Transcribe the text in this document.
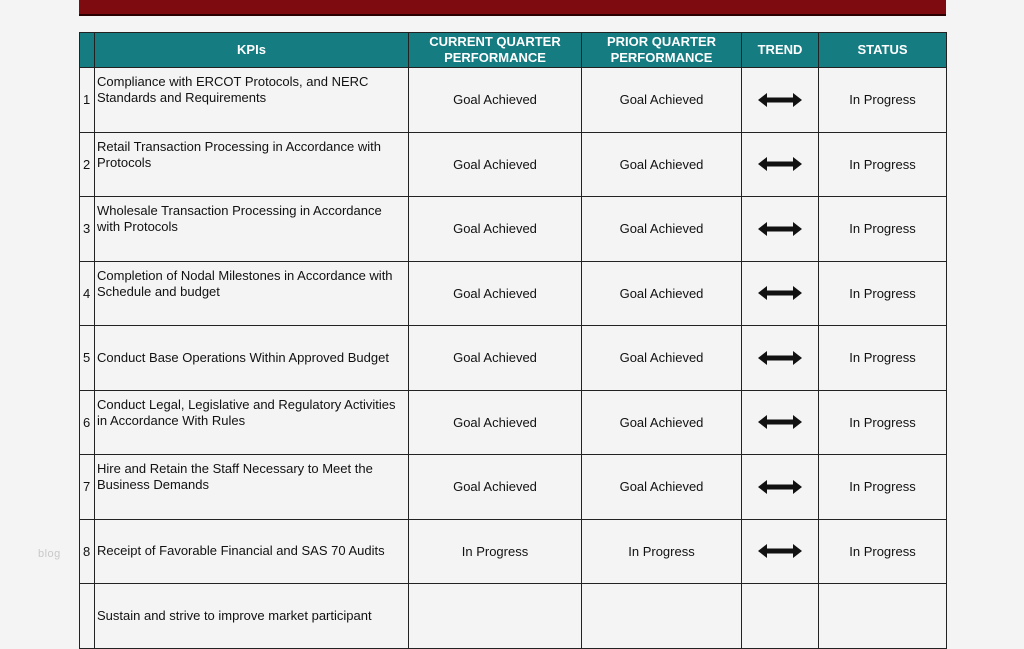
blog
	KPIs	CURRENT QUARTER PERFORMANCE	PRIOR QUARTER PERFORMANCE	TREND	STATUS
1	Compliance with ERCOT Protocols, and NERC Standards and Requirements	Goal Achieved	Goal Achieved		In Progress
2	Retail Transaction Processing in Accordance with Protocols	Goal Achieved	Goal Achieved		In Progress
3	Wholesale Transaction Processing in Accordance with Protocols	Goal Achieved	Goal Achieved		In Progress
4	Completion of Nodal Milestones in Accordance with Schedule and budget	Goal Achieved	Goal Achieved		In Progress
5	Conduct Base Operations Within Approved Budget	Goal Achieved	Goal Achieved		In Progress
6	Conduct Legal, Legislative and Regulatory Activities in Accordance With Rules	Goal Achieved	Goal Achieved		In Progress
7	Hire and Retain the Staff Necessary to Meet the Business Demands	Goal Achieved	Goal Achieved		In Progress
8	Receipt of Favorable Financial and SAS 70 Audits	In Progress	In Progress		In Progress
	Sustain and strive to improve market participant				
